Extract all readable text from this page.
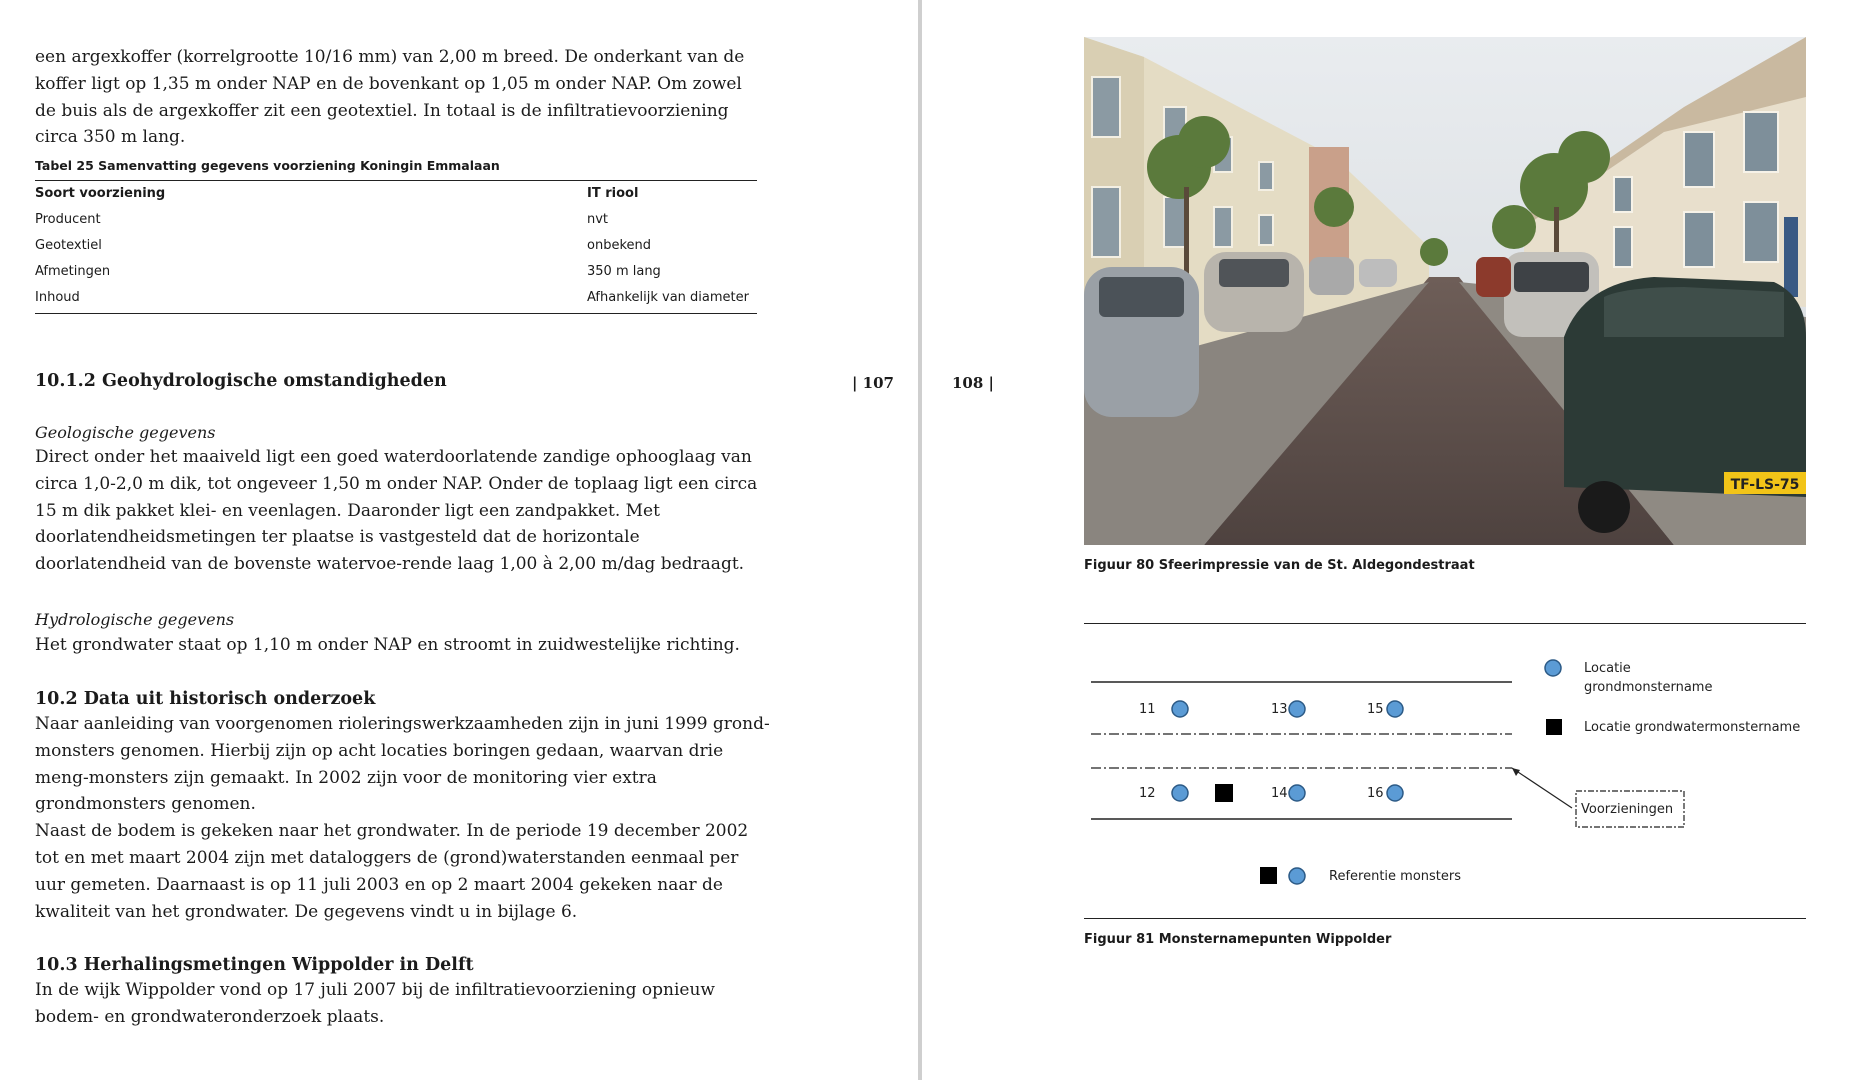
een argexkoffer (korrelgrootte 10/16 mm) van 2,00 m breed. De onderkant van de koffer ligt op 1,35 m onder NAP en de bovenkant op 1,05 m onder NAP. Om zowel de buis als de argexkoffer zit een geotextiel. In totaal is de infiltratievoorziening circa 350 m lang.

Tabel 25 Samenvatting gegevens voorziening Koningin Emmalaan
Soort voorziening	IT riool
Producent	nvt
Geotextiel	onbekend
Afmetingen	350 m lang
Inhoud	Afhankelijk van diameter
10.1.2 Geohydrologische omstandigheden	| 107
Geologische gegevens

Direct onder het maaiveld ligt een goed waterdoorlatende zandige ophooglaag van circa 1,0-2,0 m dik, tot ongeveer 1,50 m onder NAP. Onder de toplaag ligt een circa 15 m dik pakket klei- en veenlagen. Daaronder ligt een zandpakket. Met doorlatendheidsmetingen ter plaatse is vastgesteld dat de horizontale doorlatendheid van de bovenste watervoe-rende laag 1,00 à 2,00 m/dag bedraagt.

Hydrologische gegevens

Het grondwater staat op 1,10 m onder NAP en stroomt in zuidwestelijke richting.

10.2 Data uit historisch onderzoek
Naar aanleiding van voorgenomen rioleringswerkzaamheden zijn in juni 1999 grond-monsters genomen. Hierbij zijn op acht locaties boringen gedaan, waarvan drie meng-monsters zijn gemaakt. In 2002 zijn voor de monitoring vier extra grondmonsters genomen.
Naast de bodem is gekeken naar het grondwater. In de periode 19 december 2002 tot en met maart 2004 zijn met dataloggers de (grond)waterstanden eenmaal per uur gemeten. Daarnaast is op 11 juli 2003 en op 2 maart 2004 gekeken naar de kwaliteit van het grondwater. De gegevens vindt u in bijlage 6.
10.3 Herhalingsmetingen Wippolder in Delft

In de wijk Wippolder vond op 17 juli 2007 bij de infiltratievoorziening opnieuw bodem- en grondwateronderzoek plaats.

108 |
TF-LS-75
Figuur 80 Sfeerimpressie van de St. Aldegondestraat
11	13	15
12	14	16
Locatie
grondmonstername
Locatie grondwatermonstername
Voorzieningen
Referentie monsters
Figuur 81 Monsternamepunten Wippolder
